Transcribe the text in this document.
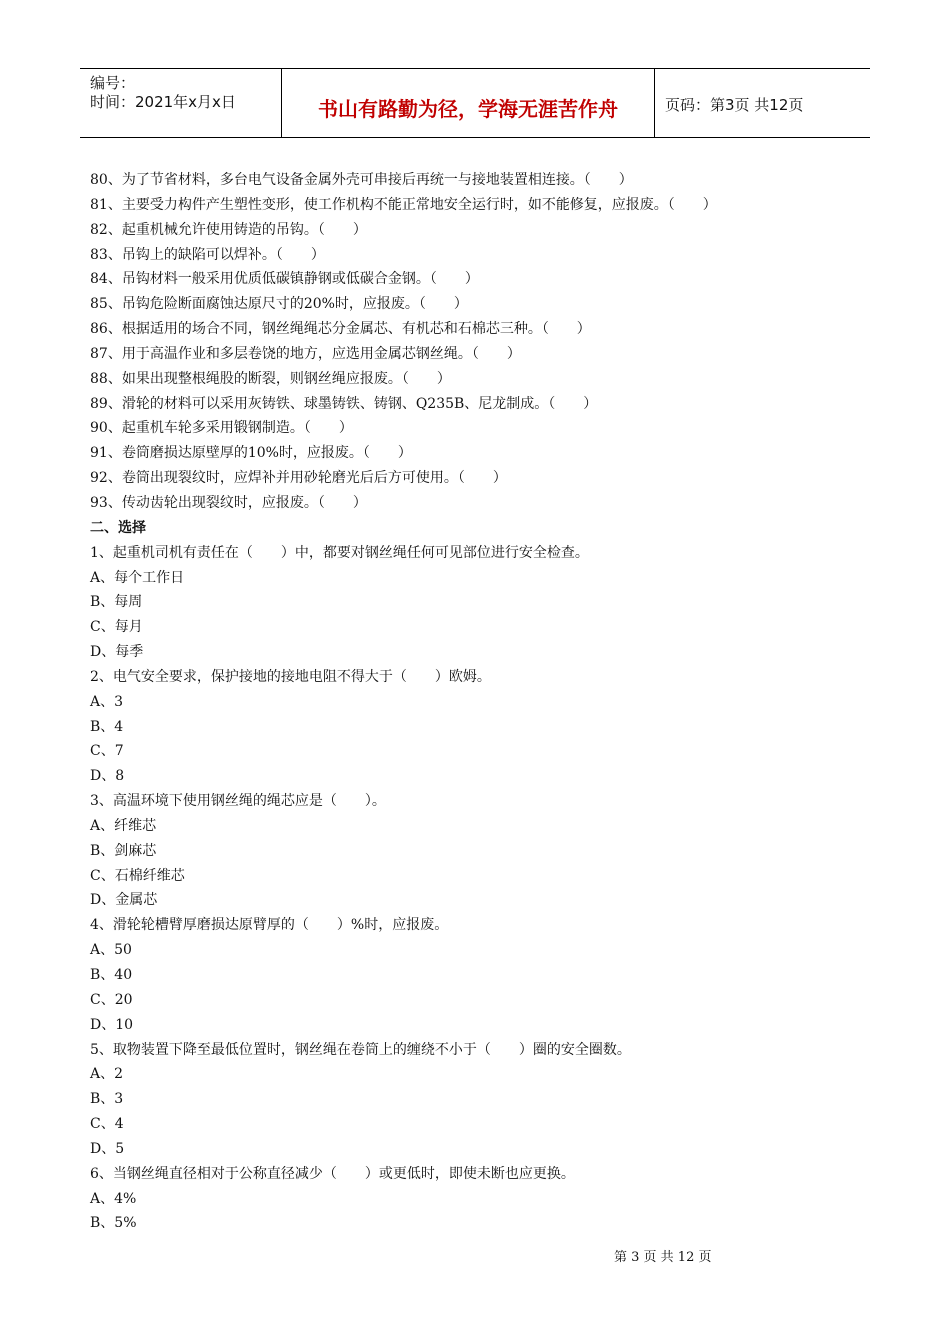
编号：
时间：2021年x月x日	书山有路勤为径，学海无涯苦作舟	页码：第3页 共12页
80、为了节省材料，多台电气设备金属外壳可串接后再统一与接地装置相连接。（　　）
81、主要受力构件产生塑性变形，使工作机构不能正常地安全运行时，如不能修复，应报废。（　　）
82、起重机械允许使用铸造的吊钩。（　　）
83、吊钩上的缺陷可以焊补。（　　）
84、吊钩材料一般采用优质低碳镇静钢或低碳合金钢。（　　）
85、吊钩危险断面腐蚀达原尺寸的20%时，应报废。（　　）
86、根据适用的场合不同，钢丝绳绳芯分金属芯、有机芯和石棉芯三种。（　　）
87、用于高温作业和多层卷饶的地方，应选用金属芯钢丝绳。（　　）
88、如果出现整根绳股的断裂，则钢丝绳应报废。（　　）
89、滑轮的材料可以采用灰铸铁、球墨铸铁、铸钢、Q235B、尼龙制成。（　　）
90、起重机车轮多采用锻钢制造。（　　）
91、卷筒磨损达原壁厚的10%时，应报废。（　　）
92、卷筒出现裂纹时，应焊补并用砂轮磨光后后方可使用。（　　）
93、传动齿轮出现裂纹时，应报废。（　　）
二、选择
1、起重机司机有责任在（　　）中，都要对钢丝绳任何可见部位进行安全检查。
A、每个工作日
B、每周
C、每月
D、每季
2、电气安全要求，保护接地的接地电阻不得大于（　　）欧姆。
A、3
B、4
C、7
D、8
3、高温环境下使用钢丝绳的绳芯应是（　　）。
A、纤维芯
B、剑麻芯
C、石棉纤维芯
D、金属芯
4、滑轮轮槽臂厚磨损达原臂厚的（　　）%时，应报废。
A、50
B、40
C、20
D、10
5、取物装置下降至最低位置时，钢丝绳在卷筒上的缠绕不小于（　　）圈的安全圈数。
A、2
B、3
C、4
D、5
6、当钢丝绳直径相对于公称直径减少（　　）或更低时，即使未断也应更换。
A、4%
B、5%
第 3 页 共 12 页
